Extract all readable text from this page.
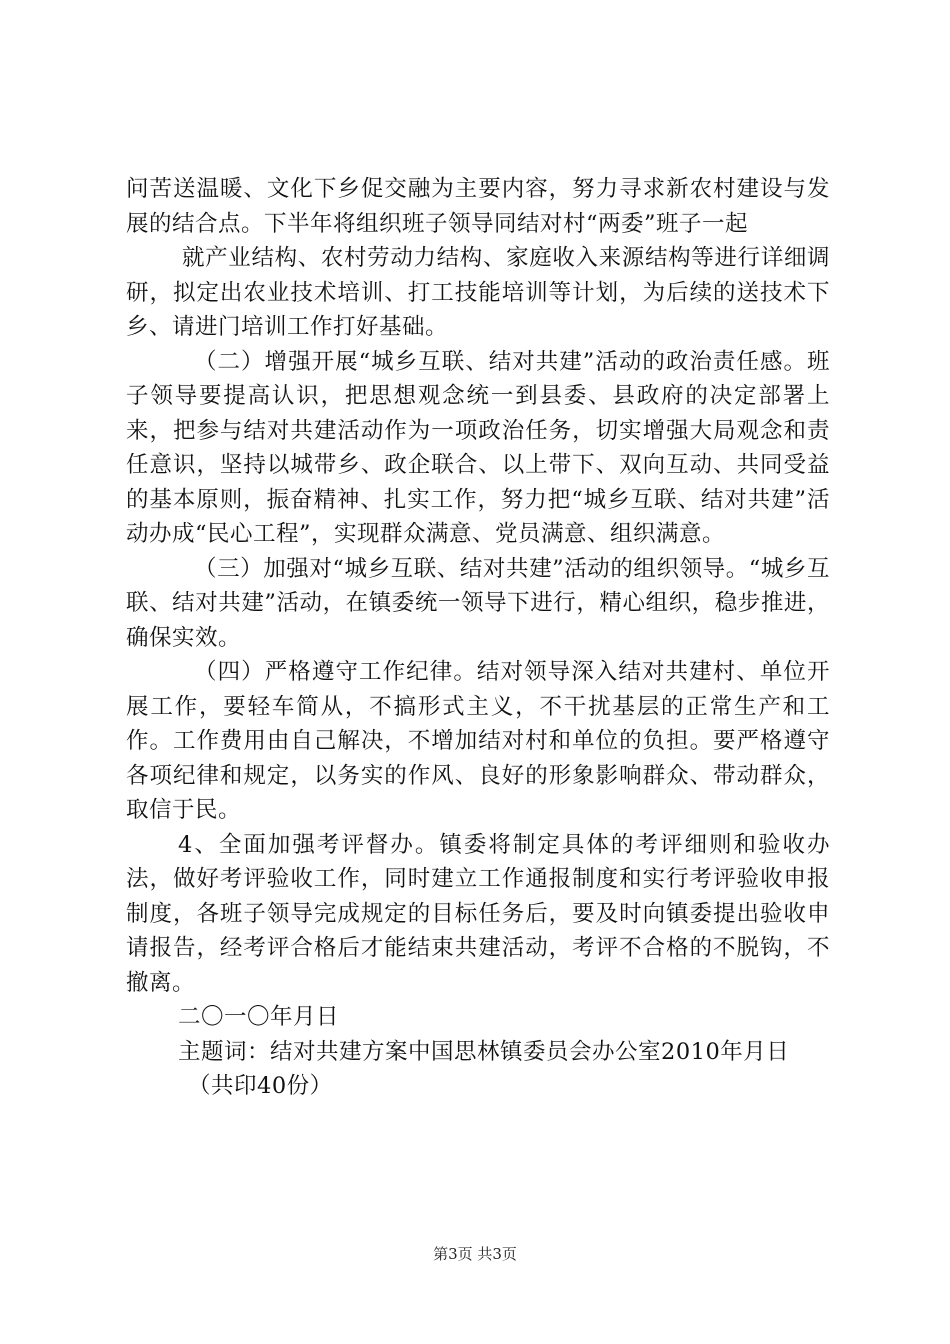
问苦送温暖、文化下乡促交融为主要内容，努力寻求新农村建设与发展的结合点。下半年将组织班子领导同结对村“两委”班子一起

就产业结构、农村劳动力结构、家庭收入来源结构等进行详细调研，拟定出农业技术培训、打工技能培训等计划，为后续的送技术下乡、请进门培训工作打好基础。

（二）增强开展“城乡互联、结对共建”活动的政治责任感。班子领导要提高认识，把思想观念统一到县委、县政府的决定部署上来，把参与结对共建活动作为一项政治任务，切实增强大局观念和责任意识，坚持以城带乡、政企联合、以上带下、双向互动、共同受益的基本原则，振奋精神、扎实工作，努力把“城乡互联、结对共建”活动办成“民心工程”，实现群众满意、党员满意、组织满意。

（三）加强对“城乡互联、结对共建”活动的组织领导。“城乡互联、结对共建”活动，在镇委统一领导下进行，精心组织，稳步推进，确保实效。

（四）严格遵守工作纪律。结对领导深入结对共建村、单位开展工作，要轻车简从，不搞形式主义，不干扰基层的正常生产和工作。工作费用由自己解决，不增加结对村和单位的负担。要严格遵守各项纪律和规定，以务实的作风、良好的形象影响群众、带动群众，取信于民。

4、全面加强考评督办。镇委将制定具体的考评细则和验收办法，做好考评验收工作，同时建立工作通报制度和实行考评验收申报制度，各班子领导完成规定的目标任务后，要及时向镇委提出验收申请报告，经考评合格后才能结束共建活动，考评不合格的不脱钩，不撤离。

二〇一〇年月日

主题词：结对共建方案中国思林镇委员会办公室2010年月日

（共印40份）

第3页 共3页
